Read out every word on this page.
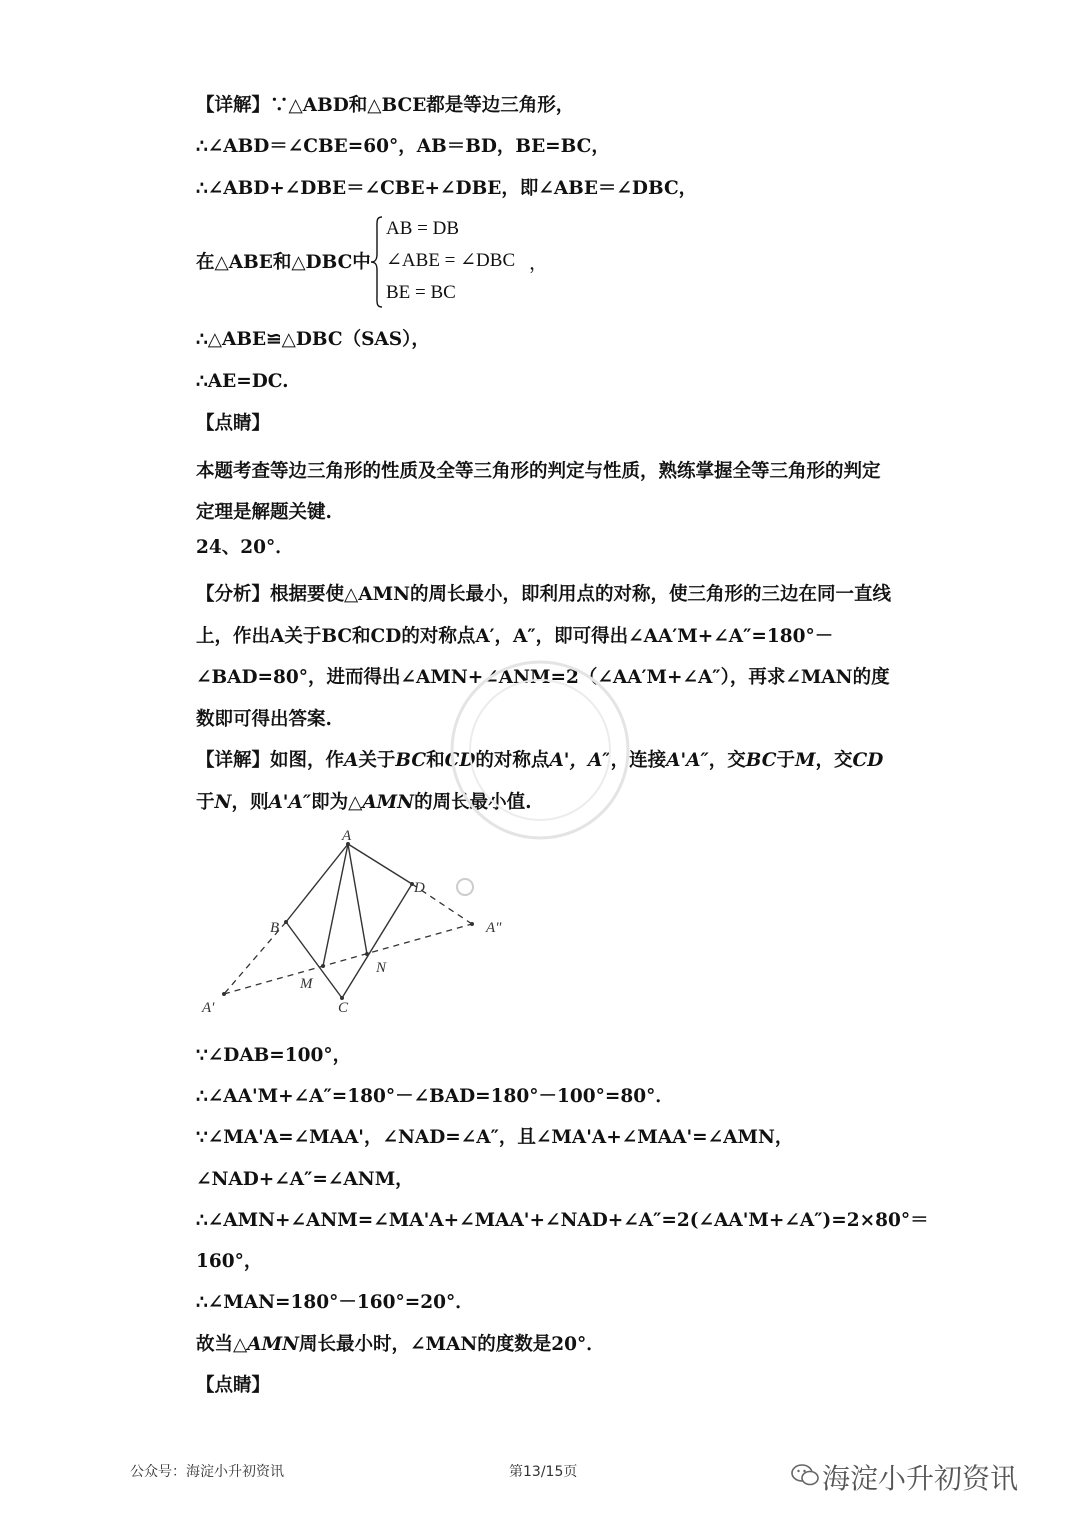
【详解】∵△ABD和△BCE都是等边三角形，
∴∠ABD＝∠CBE=60°，AB＝BD，BE=BC，
∴∠ABD+∠DBE＝∠CBE+∠DBE，即∠ABE＝∠DBC，
在△ABE和△DBC中
AB = DB
∠ABE = ∠DBC
BE = BC
，
∴△ABE≌△DBC（SAS），
∴AE=DC.
【点睛】
本题考查等边三角形的性质及全等三角形的判定与性质，熟练掌握全等三角形的判定定理是解题关键.
24、20°．
【分析】根据要使△AMN的周长最小，即利用点的对称，使三角形的三边在同一直线上，作出A关于BC和CD的对称点A′，A″，即可得出∠AA′M+∠A″=180°－∠BAD=80°，进而得出∠AMN+∠ANM=2（∠AA′M+∠A″），再求∠MAN的度数即可得出答案.
【详解】如图，作A关于BC和CD的对称点A'，A″，连接A'A″，交BC于M，交CD于N，则A'A″即为△AMN的周长最小值.
A
B
C
D
M
N
A'
A"
∵∠DAB=100°，
∴∠AA'M+∠A″=180°－∠BAD=180°－100°=80°．
∵∠MA'A=∠MAA'，∠NAD=∠A″，且∠MA'A+∠MAA'=∠AMN，
∠NAD+∠A″=∠ANM，
∴∠AMN+∠ANM=∠MA'A+∠MAA'+∠NAD+∠A″=2(∠AA'M+∠A″)=2×80°＝
160°，
∴∠MAN=180°－160°=20°．
故当△AMN周长最小时，∠MAN的度数是20°．
【点睛】
公众号：海淀小升初资讯	第13/15页	海淀小升初资讯
